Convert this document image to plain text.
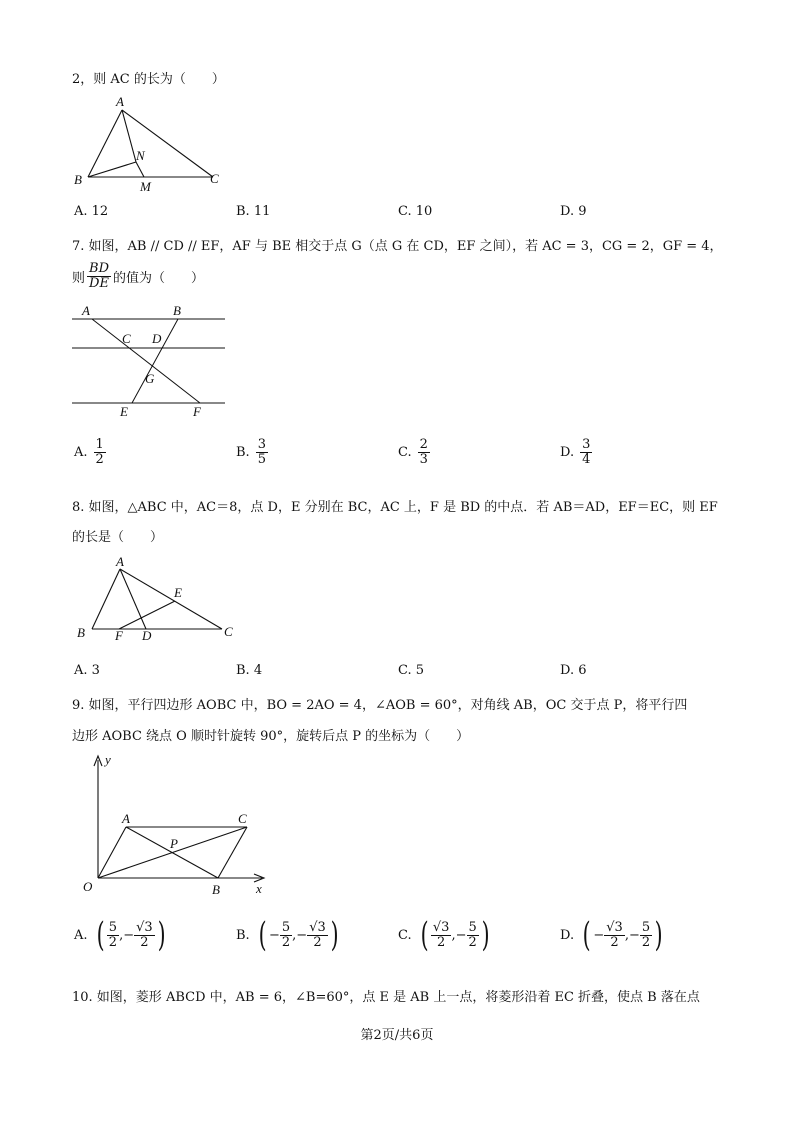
2，则 AC 的长为（　　）
A
B	C
N
M
A. 12	B. 11	C. 10	D. 9
7. 如图，AB // CD // EF，AF 与 BE 相交于点 G（点 G 在 CD，EF 之间），若 AC = 3，CG = 2，GF = 4，
则 $\frac{BD}{DE}$ 的值为（　　）
A	B
C D
G
E	F
A. $\frac{1}{2}$	B. $\frac{3}{5}$	C. $\frac{2}{3}$	D. $\frac{3}{4}$
8. 如图，△ABC 中，AC＝8，点 D，E 分别在 BC，AC 上，F 是 BD 的中点．若 AB＝AD，EF＝EC，则 EF
的长是（　　）
A
B	C
D
E
F
A. 3	B. 4	C. 5	D. 6
9. 如图，平行四边形 AOBC 中，BO = 2AO = 4，∠AOB = 60°，对角线 AB，OC 交于点 P，将平行四
边形 AOBC 绕点 O 顺时针旋转 90°，旋转后点 P 的坐标为（　　）
y
x
O
A	C
P
B
A. ( $\frac{5}{2}$ , − $\frac{√3}{2}$ )	B. ( − $\frac{5}{2}$ , − $\frac{√3}{2}$ )	C. ( $\frac{√3}{2}$ , − $\frac{5}{2}$ )	D. ( − $\frac{√3}{2}$ , − $\frac{5}{2}$ )
10. 如图，菱形 ABCD 中，AB = 6，∠B=60°，点 E 是 AB 上一点，将菱形沿着 EC 折叠，使点 B 落在点
第2页/共6页
